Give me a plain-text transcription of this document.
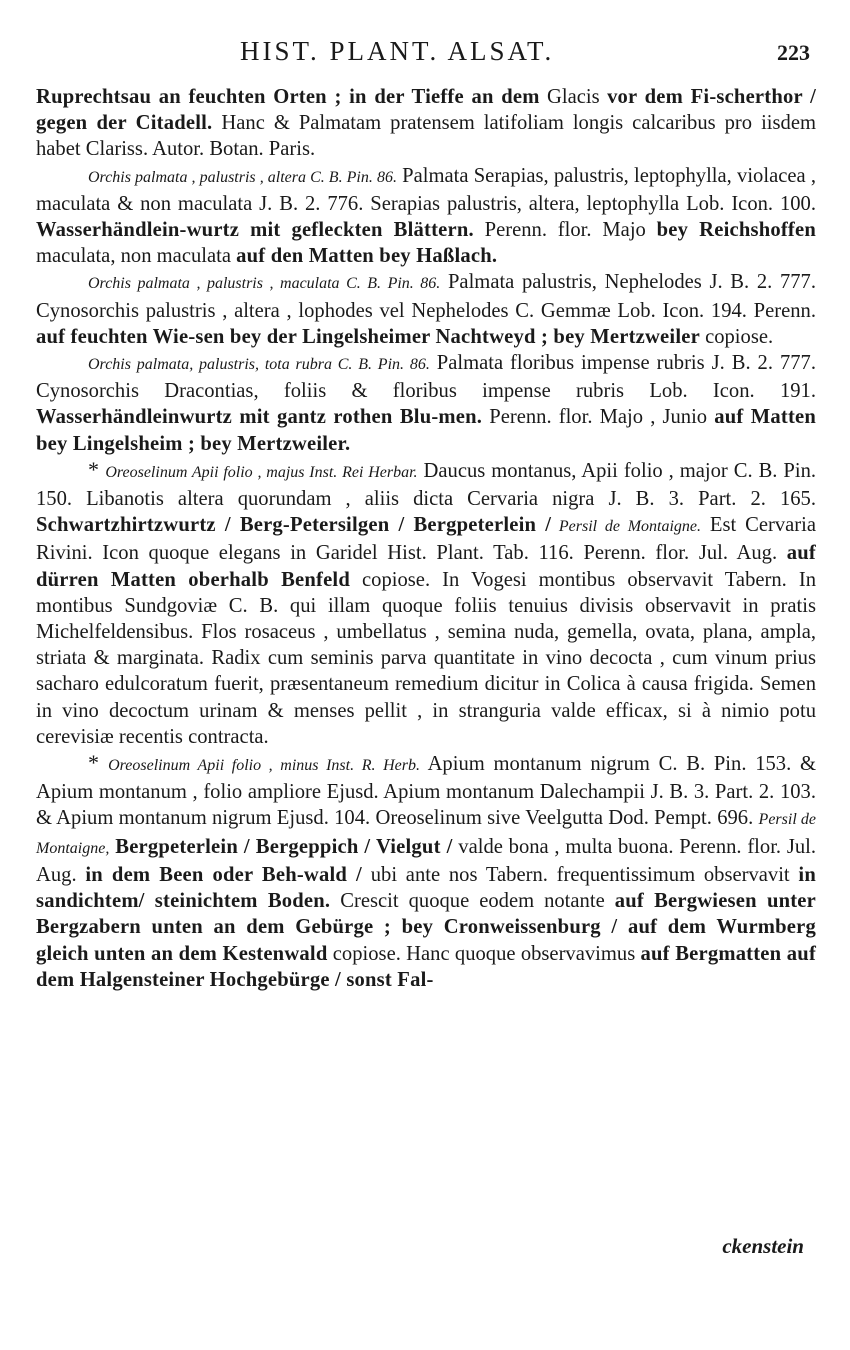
HIST. PLANT. ALSAT.	223

Ruprechtsau an feuchten Orten ; in der Tieffe an dem Glacis vor dem Fi-scherthor / gegen der Citadell. Hanc & Palmatam pratensem latifoliam longis calcaribus pro iisdem habet Clariss. Autor. Botan. Paris.

Orchis palmata , palustris , altera C. B. Pin. 86. Palmata Serapias, palustris, leptophylla, violacea , maculata & non maculata J. B. 2. 776. Serapias palustris, altera, leptophylla Lob. Icon. 100. Wasserhändlein-wurtz mit gefleckten Blättern. Perenn. flor. Majo bey Reichshoffen maculata, non maculata auf den Matten bey Haßlach.

Orchis palmata , palustris , maculata C. B. Pin. 86. Palmata palustris, Nephelodes J. B. 2. 777. Cynosorchis palustris , altera , lophodes vel Nephelodes C. Gemmæ Lob. Icon. 194. Perenn. auf feuchten Wie-sen bey der Lingelsheimer Nachtweyd ; bey Mertzweiler copiose.

Orchis palmata, palustris, tota rubra C. B. Pin. 86. Palmata floribus impense rubris J. B. 2. 777. Cynosorchis Dracontias, foliis & floribus impense rubris Lob. Icon. 191. Wasserhändleinwurtz mit gantz rothen Blu-men. Perenn. flor. Majo , Junio auf Matten bey Lingelsheim ; bey Mertzweiler.

* Oreoselinum Apii folio , majus Inst. Rei Herbar. Daucus montanus, Apii folio , major C. B. Pin. 150. Libanotis altera quorundam , aliis dicta Cervaria nigra J. B. 3. Part. 2. 165. Schwartzhirtzwurtz / Berg-Petersilgen / Bergpeterlein / Persil de Montaigne. Est Cervaria Rivini. Icon quoque elegans in Garidel Hist. Plant. Tab. 116. Perenn. flor. Jul. Aug. auf dürren Matten oberhalb Benfeld copiose. In Vogesi montibus observavit Tabern. In montibus Sundgoviæ C. B. qui illam quoque foliis tenuius divisis observavit in pratis Michelfeldensibus. Flos rosaceus , umbellatus , semina nuda, gemella, ovata, plana, ampla, striata & marginata. Radix cum seminis parva quantitate in vino decocta , cum vinum prius sacharo edulcoratum fuerit, præsentaneum remedium dicitur in Colica à causa frigida. Semen in vino decoctum urinam & menses pellit , in stranguria valde efficax, si à nimio potu cerevisiæ recentis contracta.

* Oreoselinum Apii folio , minus Inst. R. Herb. Apium montanum nigrum C. B. Pin. 153. & Apium montanum , folio ampliore Ejusd. Apium montanum Dalechampii J. B. 3. Part. 2. 103. & Apium montanum nigrum Ejusd. 104. Oreoselinum sive Veelgutta Dod. Pempt. 696. Persil de Montaigne, Bergpeterlein / Bergeppich / Vielgut / valde bona , multa buona. Perenn. flor. Jul. Aug. in dem Been oder Beh-wald / ubi ante nos Tabern. frequentissimum observavit in sandichtem/ steinichtem Boden. Crescit quoque eodem notante auf Bergwiesen unter Bergzabern unten an dem Gebürge ; bey Cronweissenburg / auf dem Wurmberg gleich unten an dem Kestenwald copiose. Hanc quoque observavimus auf Bergmatten auf dem Halgensteiner Hochgebürge / sonst Fal-

ckenstein
